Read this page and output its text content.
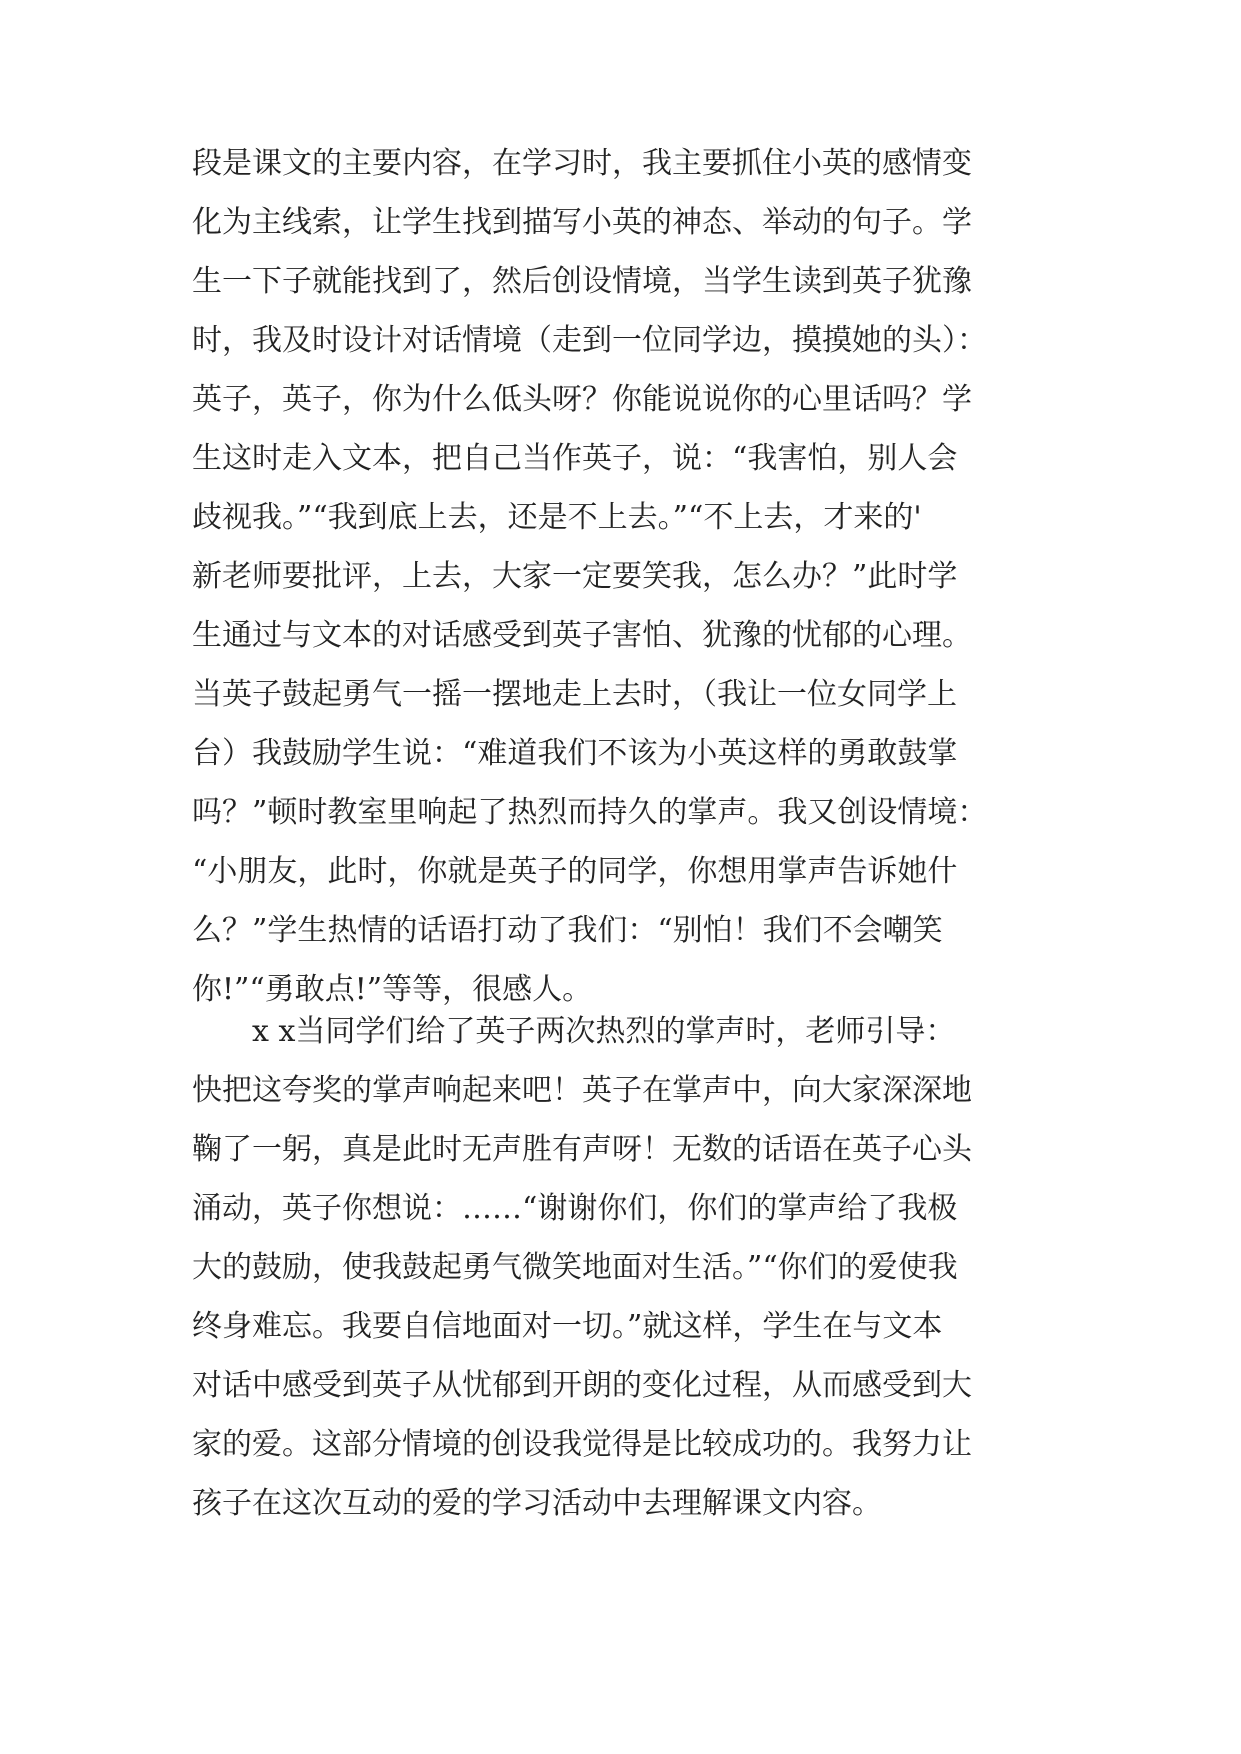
段是课文的主要内容，在学习时，我主要抓住小英的感情变
化为主线索，让学生找到描写小英的神态、举动的句子。学
生一下子就能找到了，然后创设情境，当学生读到英子犹豫
时，我及时设计对话情境（走到一位同学边，摸摸她的头）：
英子，英子，你为什么低头呀？你能说说你的心里话吗？学
生这时走入文本，把自己当作英子，说：“我害怕，别人会
歧视我。”“我到底上去，还是不上去。”“不上去，才来的'
新老师要批评，上去，大家一定要笑我，怎么办？”此时学
生通过与文本的对话感受到英子害怕、犹豫的忧郁的心理。
当英子鼓起勇气一摇一摆地走上去时，（我让一位女同学上
台）我鼓励学生说：“难道我们不该为小英这样的勇敢鼓掌
吗？”顿时教室里响起了热烈而持久的掌声。我又创设情境：
“小朋友，此时，你就是英子的同学，你想用掌声告诉她什
么？”学生热情的话语打动了我们：“别怕！我们不会嘲笑
你!”“勇敢点!”等等，很感人。
　　x x当同学们给了英子两次热烈的掌声时，老师引导：
快把这夸奖的掌声响起来吧！英子在掌声中，向大家深深地
鞠了一躬，真是此时无声胜有声呀！无数的话语在英子心头
涌动，英子你想说：……“谢谢你们，你们的掌声给了我极
大的鼓励，使我鼓起勇气微笑地面对生活。”“你们的爱使我
终身难忘。我要自信地面对一切。”就这样，学生在与文本
对话中感受到英子从忧郁到开朗的变化过程，从而感受到大
家的爱。这部分情境的创设我觉得是比较成功的。我努力让
孩子在这次互动的爱的学习活动中去理解课文内容。
